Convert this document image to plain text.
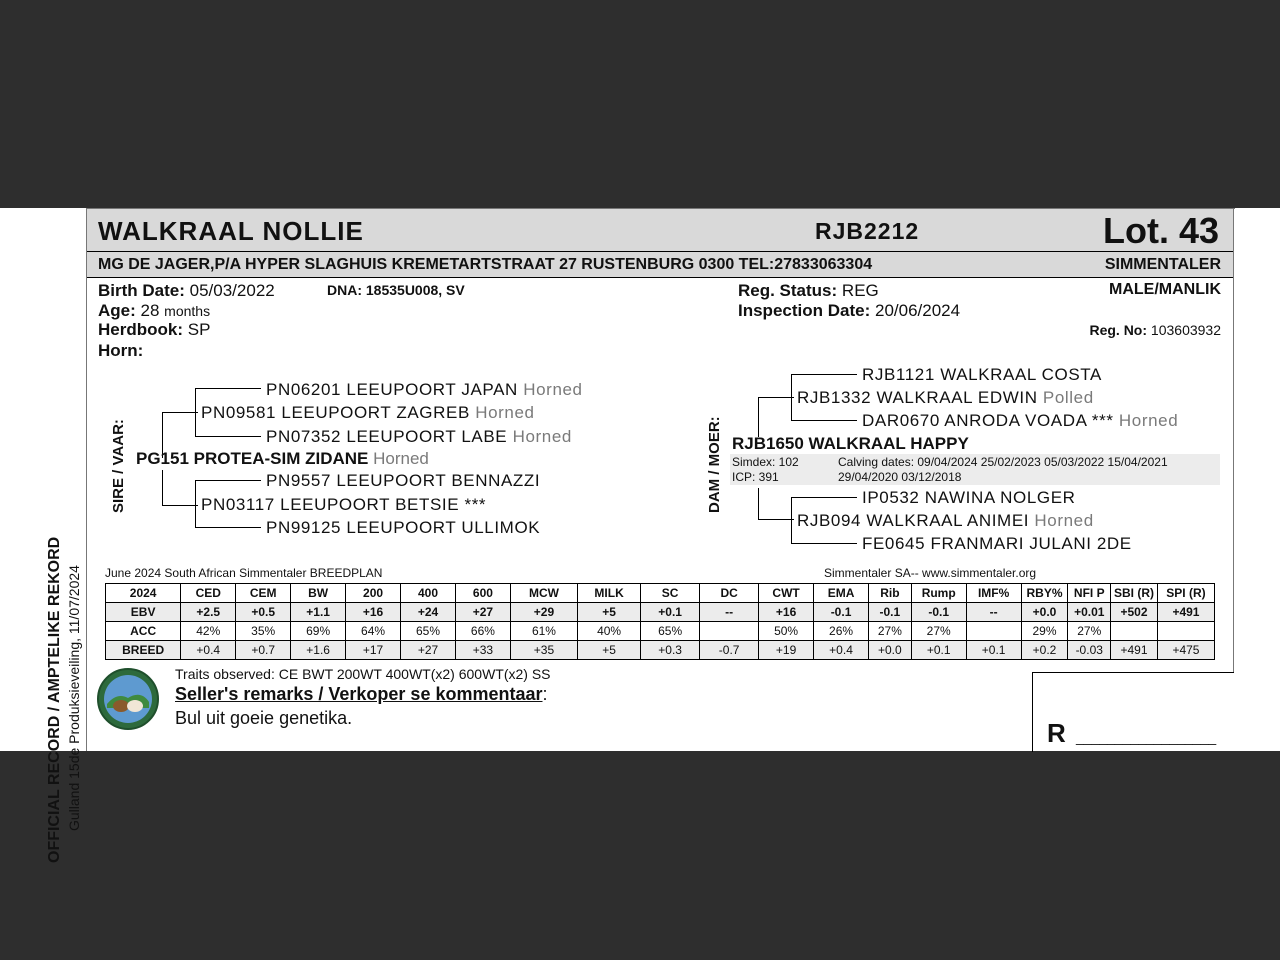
OFFICIAL RECORD / AMPTELIKE REKORD Gulland 15de Produksieveiling, 11/07/2024
WALKRAAL NOLLIE	RJB2212	Lot. 43
MG DE JAGER,P/A HYPER SLAGHUIS KREMETARTSTRAAT 27 RUSTENBURG 0300 TEL:27833063304	SIMMENTALER
Birth Date: 05/03/2022	DNA: 18535U008, SV
Age: 28 months
Herdbook: SP
Horn:
Reg. Status: REG
Inspection Date: 20/06/2024
MALE/MANLIK
Reg. No: 103603932
SIRE / VAAR:
PN06201 LEEUPOORT JAPAN Horned
PN09581 LEEUPOORT ZAGREB Horned
PN07352 LEEUPOORT LABE Horned
PG151 PROTEA-SIM ZIDANE Horned
PN9557 LEEUPOORT BENNAZZI
PN03117 LEEUPOORT BETSIE ***
PN99125 LEEUPOORT ULLIMOK
DAM / MOER:
RJB1121 WALKRAAL COSTA
RJB1332 WALKRAAL EDWIN Polled
DAR0670 ANRODA VOADA *** Horned
RJB1650 WALKRAAL HAPPY
Simdex: 102
ICP: 391
Calving dates: 09/04/2024 25/02/2023 05/03/2022 15/04/2021
29/04/2020 03/12/2018
IP0532 NAWINA NOLGER
RJB094 WALKRAAL ANIMEI Horned
FE0645 FRANMARI JULANI 2DE
June 2024 South African Simmentaler BREEDPLAN	Simmentaler SA-- www.simmentaler.org
2024	CED	CEM	BW	200	400	600	MCW	MILK	SC	DC	CWT	EMA	Rib	Rump	IMF%	RBY%	NFI P	SBI (R)	SPI (R)
EBV	+2.5	+0.5	+1.1	+16	+24	+27	+29	+5	+0.1	--	+16	-0.1	-0.1	-0.1	--	+0.0	+0.01	+502	+491
ACC	42%	35%	69%	64%	65%	66%	61%	40%	65%		50%	26%	27%	27%		29%	27%		
BREED	+0.4	+0.7	+1.6	+17	+27	+33	+35	+5	+0.3	-0.7	+19	+0.4	+0.0	+0.1	+0.1	+0.2	-0.03	+491	+475
Traits observed: CE BWT 200WT 400WT(x2) 600WT(x2) SS
Seller's remarks / Verkoper se kommentaar:
Bul uit goeie genetika.	R __________________
